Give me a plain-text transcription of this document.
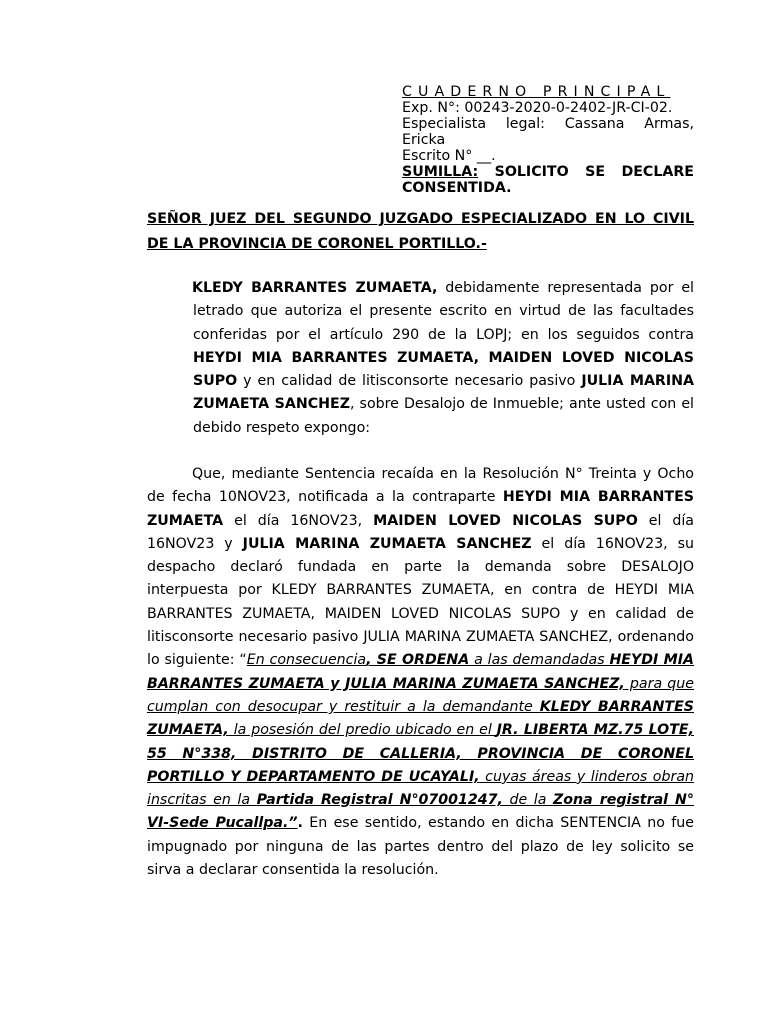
CUADERNO PRINCIPAL
Exp. N°: 00243-2020-0-2402-JR-CI-02.
Especialista legal: Cassana Armas, Ericka
Escrito N° __.
SUMILLA: SOLICITO SE DECLARE CONSENTIDA.
SEÑOR JUEZ DEL SEGUNDO JUZGADO ESPECIALIZADO EN LO CIVIL DE LA PROVINCIA DE CORONEL PORTILLO.-
KLEDY BARRANTES ZUMAETA, debidamente representada por el letrado que autoriza el presente escrito en virtud de las facultades conferidas por el artículo 290 de la LOPJ; en los seguidos contra HEYDI MIA BARRANTES ZUMAETA, MAIDEN LOVED NICOLAS SUPO y en calidad de litisconsorte necesario pasivo JULIA MARINA ZUMAETA SANCHEZ, sobre Desalojo de Inmueble; ante usted con el debido respeto expongo:
Que, mediante Sentencia recaída en la Resolución N° Treinta y Ocho de fecha 10NOV23, notificada a la contraparte HEYDI MIA BARRANTES ZUMAETA el día 16NOV23, MAIDEN LOVED NICOLAS SUPO el día 16NOV23 y JULIA MARINA ZUMAETA SANCHEZ el día 16NOV23, su despacho declaró fundada en parte la demanda sobre DESALOJO interpuesta por KLEDY BARRANTES ZUMAETA, en contra de HEYDI MIA BARRANTES ZUMAETA, MAIDEN LOVED NICOLAS SUPO y en calidad de litisconsorte necesario pasivo JULIA MARINA ZUMAETA SANCHEZ, ordenando lo siguiente: “En consecuencia, SE ORDENA a las demandadas HEYDI MIA BARRANTES ZUMAETA y JULIA MARINA ZUMAETA SANCHEZ, para que cumplan con desocupar y restituir a la demandante KLEDY BARRANTES ZUMAETA, la posesión del predio ubicado en el JR. LIBERTA MZ.75 LOTE, 55 N°338, DISTRITO DE CALLERIA, PROVINCIA DE CORONEL PORTILLO Y DEPARTAMENTO DE UCAYALI, cuyas áreas y linderos obran inscritas en la Partida Registral N°07001247, de la Zona registral N° VI-Sede Pucallpa.”. En ese sentido, estando en dicha SENTENCIA no fue impugnado por ninguna de las partes dentro del plazo de ley solicito se sirva a declarar consentida la resolución.
